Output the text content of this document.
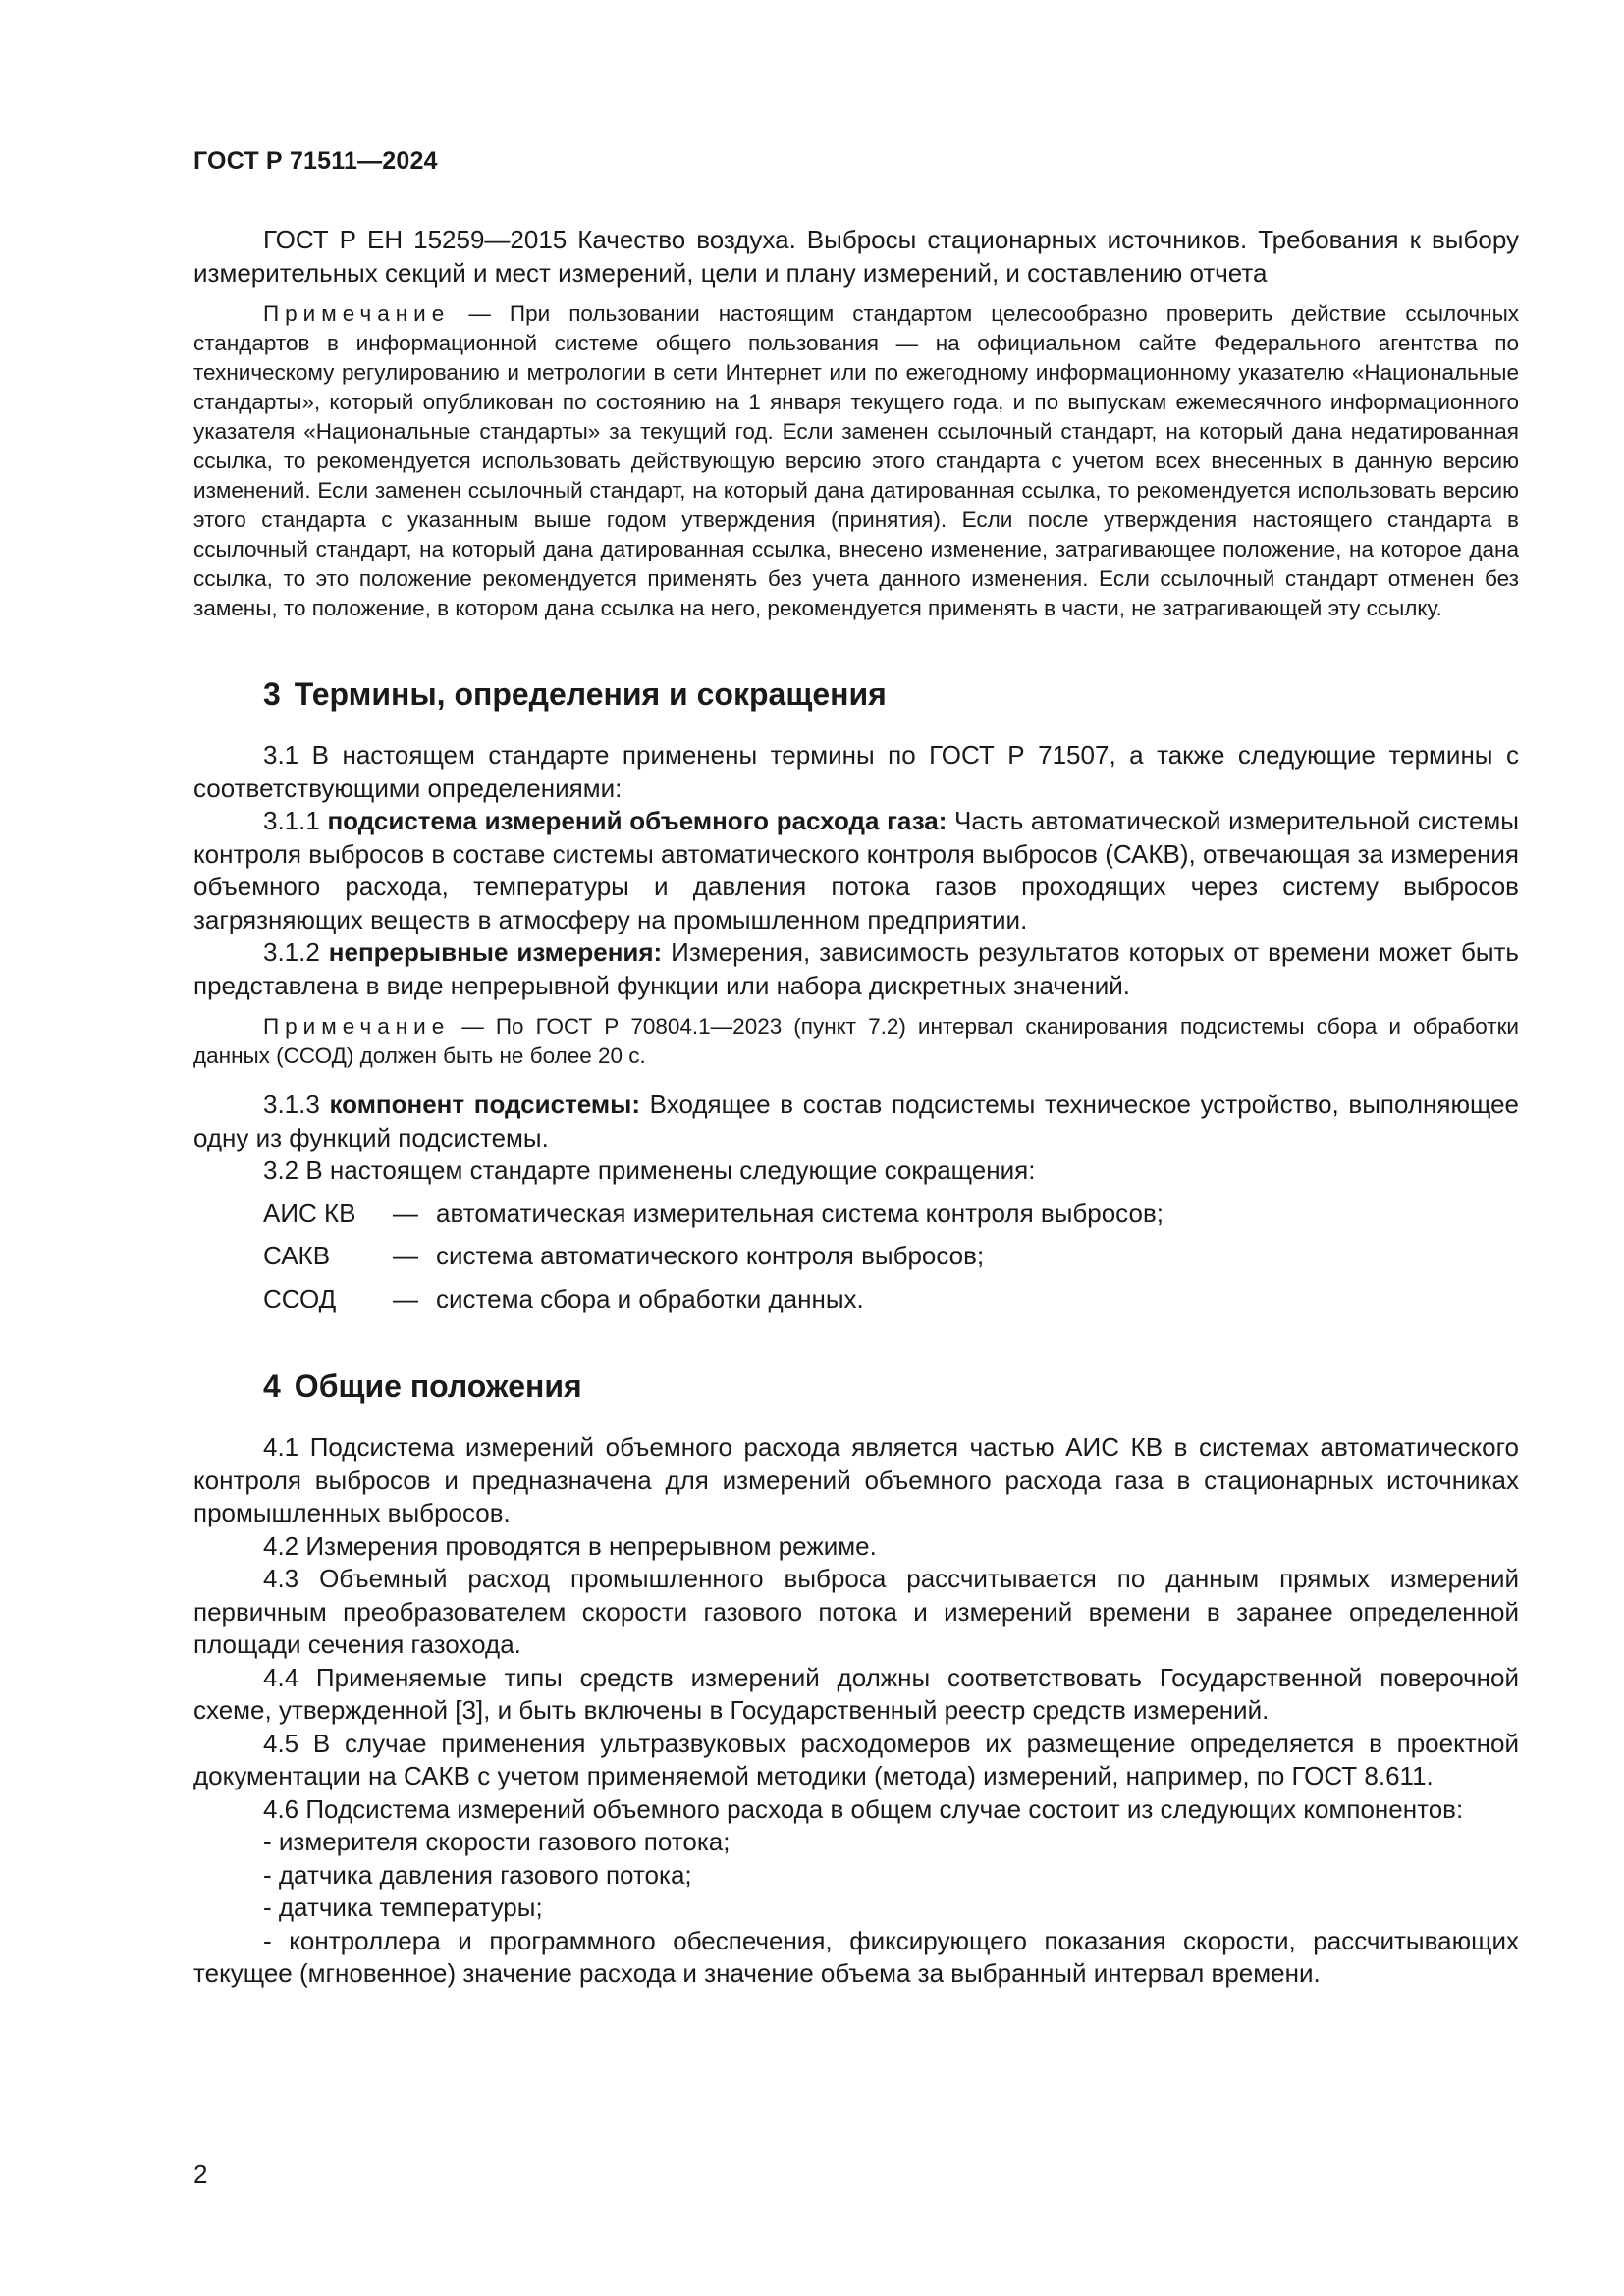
ГОСТ Р 71511—2024

ГОСТ Р ЕН 15259—2015 Качество воздуха. Выбросы стационарных источников. Требования к выбору измерительных секций и мест измерений, цели и плану измерений, и составлению отчета

Примечание — При пользовании настоящим стандартом целесообразно проверить действие ссылочных стандартов в информационной системе общего пользования — на официальном сайте Федерального агентства по техническому регулированию и метрологии в сети Интернет или по ежегодному информационному указателю «Национальные стандарты», который опубликован по состоянию на 1 января текущего года, и по выпускам ежемесячного информационного указателя «Национальные стандарты» за текущий год. Если заменен ссылочный стандарт, на который дана недатированная ссылка, то рекомендуется использовать действующую версию этого стандарта с учетом всех внесенных в данную версию изменений. Если заменен ссылочный стандарт, на который дана датированная ссылка, то рекомендуется использовать версию этого стандарта с указанным выше годом утверждения (принятия). Если после утверждения настоящего стандарта в ссылочный стандарт, на который дана датированная ссылка, внесено изменение, затрагивающее положение, на которое дана ссылка, то это положение рекомендуется применять без учета данного изменения. Если ссылочный стандарт отменен без замены, то положение, в котором дана ссылка на него, рекомендуется применять в части, не затрагивающей эту ссылку.

3 Термины, определения и сокращения

3.1 В настоящем стандарте применены термины по ГОСТ Р 71507, а также следующие термины с соответствующими определениями:

3.1.1 подсистема измерений объемного расхода газа: Часть автоматической измерительной системы контроля выбросов в составе системы автоматического контроля выбросов (САКВ), отвечающая за измерения объемного расхода, температуры и давления потока газов проходящих через систему выбросов загрязняющих веществ в атмосферу на промышленном предприятии.

3.1.2 непрерывные измерения: Измерения, зависимость результатов которых от времени может быть представлена в виде непрерывной функции или набора дискретных значений.

Примечание — По ГОСТ Р 70804.1—2023 (пункт 7.2) интервал сканирования подсистемы сбора и обработки данных (ССОД) должен быть не более 20 с.

3.1.3 компонент подсистемы: Входящее в состав подсистемы техническое устройство, выполняющее одну из функций подсистемы.

3.2 В настоящем стандарте применены следующие сокращения:

АИС КВ	— автоматическая измерительная система контроля выбросов;
САКВ	— система автоматического контроля выбросов;
ССОД	— система сбора и обработки данных.
4 Общие положения

4.1 Подсистема измерений объемного расхода является частью АИС КВ в системах автоматического контроля выбросов и предназначена для измерений объемного расхода газа в стационарных источниках промышленных выбросов.

4.2 Измерения проводятся в непрерывном режиме.

4.3 Объемный расход промышленного выброса рассчитывается по данным прямых измерений первичным преобразователем скорости газового потока и измерений времени в заранее определенной площади сечения газохода.

4.4 Применяемые типы средств измерений должны соответствовать Государственной поверочной схеме, утвержденной [3], и быть включены в Государственный реестр средств измерений.

4.5 В случае применения ультразвуковых расходомеров их размещение определяется в проектной документации на САКВ с учетом применяемой методики (метода) измерений, например, по ГОСТ 8.611.

4.6 Подсистема измерений объемного расхода в общем случае состоит из следующих компонентов:

- измерителя скорости газового потока;

- датчика давления газового потока;

- датчика температуры;

- контроллера и программного обеспечения, фиксирующего показания скорости, рассчитывающих текущее (мгновенное) значение расхода и значение объема за выбранный интервал времени.

2
